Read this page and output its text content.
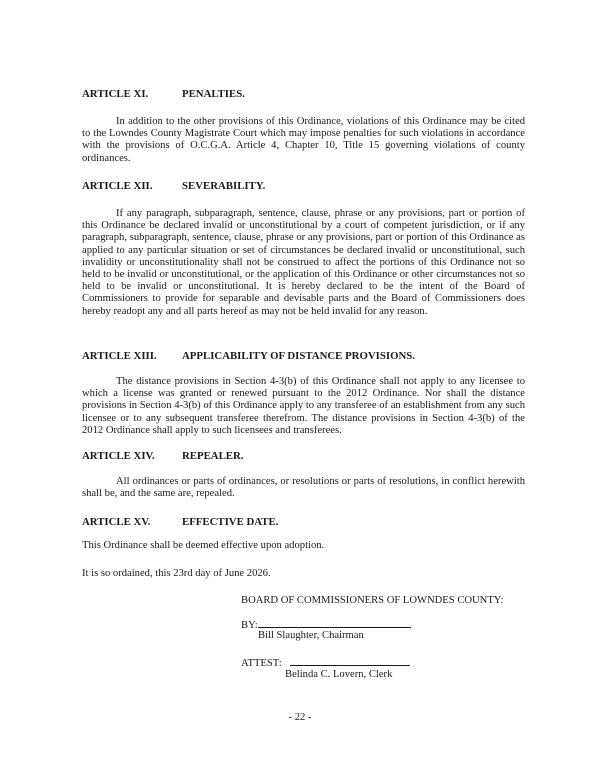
ARTICLE XI.	PENALTIES.

In addition to the other provisions of this Ordinance, violations of this Ordinance may be cited to the Lowndes County Magistrate Court which may impose penalties for such violations in accordance with the provisions of O.C.G.A. Article 4, Chapter 10, Title 15 governing violations of county ordinances.

ARTICLE XII.	SEVERABILITY.

If any paragraph, subparagraph, sentence, clause, phrase or any provisions, part or portion of this Ordinance be declared invalid or unconstitutional by a court of competent jurisdiction, or if any paragraph, subparagraph, sentence, clause, phrase or any provisions, part or portion of this Ordinance as applied to any particular situation or set of circumstances be declared invalid or unconstitutional, such invalidity or unconstitutionality shall not be construed to affect the portions of this Ordinance not so held to be invalid or unconstitutional, or the application of this Ordinance or other circumstances not so held to be invalid or unconstitutional. It is hereby declared to be the intent of the Board of Commissioners to provide for separable and devisable parts and the Board of Commissioners does hereby readopt any and all parts hereof as may not be held invalid for any reason.

ARTICLE XIII. APPLICABILITY OF DISTANCE PROVISIONS.

The distance provisions in Section 4-3(b) of this Ordinance shall not apply to any licensee to which a license was granted or renewed pursuant to the 2012 Ordinance. Nor shall the distance provisions in Section 4-3(b) of this Ordinance apply to any transferee of an establishment from any such licensee or to any subsequent transferee therefrom. The distance provisions in Section 4-3(b) of the 2012 Ordinance shall apply to such licensees and transferees.

ARTICLE XIV.	REPEALER.

All ordinances or parts of ordinances, or resolutions or parts of resolutions, in conflict herewith shall be, and the same are, repealed.

ARTICLE XV.	EFFECTIVE DATE.
This Ordinance shall be deemed effective upon adoption.
It is so ordained, this 23rd day of June 2026.
BOARD OF COMMISSIONERS OF LOWNDES COUNTY:
BY:
Bill Slaughter, Chairman
ATTEST:
Belinda C. Lovern, Clerk
- 22 -
